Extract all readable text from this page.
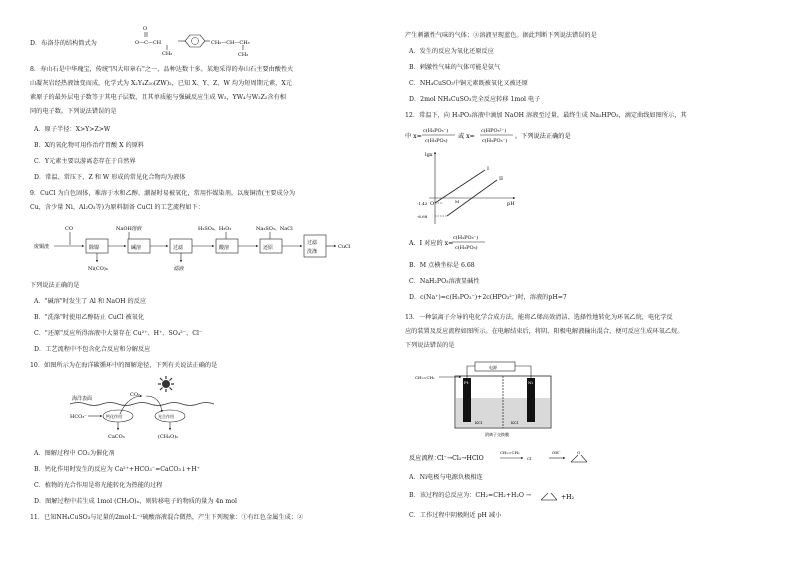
D．布洛芬的结构简式为
O
O—C—CH
CH₃
CH₂—CH—CH₃
CH₃
8．寿山石是中华瑰宝，传统"四大印章石"之一，品种达数十多。某地采得的寿山石主要由酸性火
山凝灰岩经热液蚀变而成，化学式为 X₂Y₄Z₁₀(ZW)₂，已知 X、Y、Z、W 均为短周期元素，X元
素原子的最外层电子数等于其电子层数，且其单质能与强碱反应生成 W₂，YW₄与W₂Z₂含有相
同的电子数。下列说法错误的是
A．原子半径：X>Y>Z>W
B．X的氧化物可用作治疗胃酸 X 的原料
C．Y元素主要以游离态存在于自然界
D．常温、常压下，Z 和 W 形成的常见化合物均为液体
9．CuCl 为白色固体，难溶于水和乙醇，潮湿时易被氧化，常用作媒染剂。以废铜渣(主要成分为
Cu，含少量 Ni、Al₂O₃等)为原料制备 CuCl 的工艺流程如下：
废铜渣
CO
除镍
Ni(CO)₄
NaOH溶液
碱溶	过滤
滤液
H₂SO₄、H₂O₂
酸溶
Na₂SO₃、NaCl
还原
过滤
洗涤
CuCl
下列说法正确的是
A．"碱溶"时发生了 Al 和 NaOH 的反应
B．"洗涤"时使用乙醇防止 CuCl 被氧化
C．"还原"反应所得溶液中大量存在 Cu²⁺、H⁺、SO₄²⁻、Cl⁻
D．工艺流程中不包含化合反应和分解反应
10．如图所示为在海洋碳循环中的图解途径，下列有关说法正确的是
海洋表面
CO₂
HCO₃⁻	钙化作用	光合作用
CaCO₃	(CH₂O)ₙ
A．图解过程中 CO₂为催化剂
B．钙化作用时发生的反应为 Ca²⁺+HCO₃⁻=CaCO₃↓+H⁺
C．植物的光合作用是将光能转化为热能的过程
D．图解过程中若生成 1mol (CH₂O)ₙ，则转移电子的物质的量为 4n mol
11．已知NH₄CuSO₃与足量的2mol·L⁻¹硫酸溶液混合微热，产生下列现象：①有红色金属生成；②
产生刺激性气味的气体；③溶液呈现蓝色。据此判断下列说法错误的是
A．发生的反应为氧化还原反应
B．刺激性气味的气体可能是氨气
C．NH₄CuSO₃中铜元素既被氧化又被还原
D．2mol NH₄CuSO₃完全反应转移 1mol 电子
12．常温下，向 H₃PO₃溶液中滴加 NaOH 溶液至过量，最终生成 Na₂HPO₃，滴定曲线如图所示，其
中 x=
c(H₂PO₃⁻)
c(H₃PO₃)
或 x=
c(HPO₃²⁻)
c(H₂PO₃⁻)
。下列说法正确的是
lgx
pH
O
I
II
-1.43
-6.68
M
A．I 对应的 x=
c(H₂PO₃⁻)
c(H₃PO₃)
B．M 点横坐标是 6.68
C．NaH₂PO₃溶液显碱性
D．c(Na⁺)=c(H₂PO₃⁻)+2c(HPO₃²⁻)时，溶液的pH=7
13．一种氯离子介导的电化学合成方法，能将乙烯高效清洁、选择性地转化为环氧乙烷，电化学反
应的装置及反应流程如图所示。在电解结束后，将阴、阳极电解液输出混合，便可反应生成环氧乙烷。
下列说法错误的是
CH₂=CH₂
电源
Pt	Ni
KCl	KCl
阴离子交换膜
反应流程：
Cl⁻→Cl₂→HClO
CH₂=CH₂
Cl
OH⁻	O
A．Ni电极与电源负极相连
B．该过程的总反应为：CH₂=CH₂+H₂O →	+H₂
C．工作过程中阴极附近 pH 减小
